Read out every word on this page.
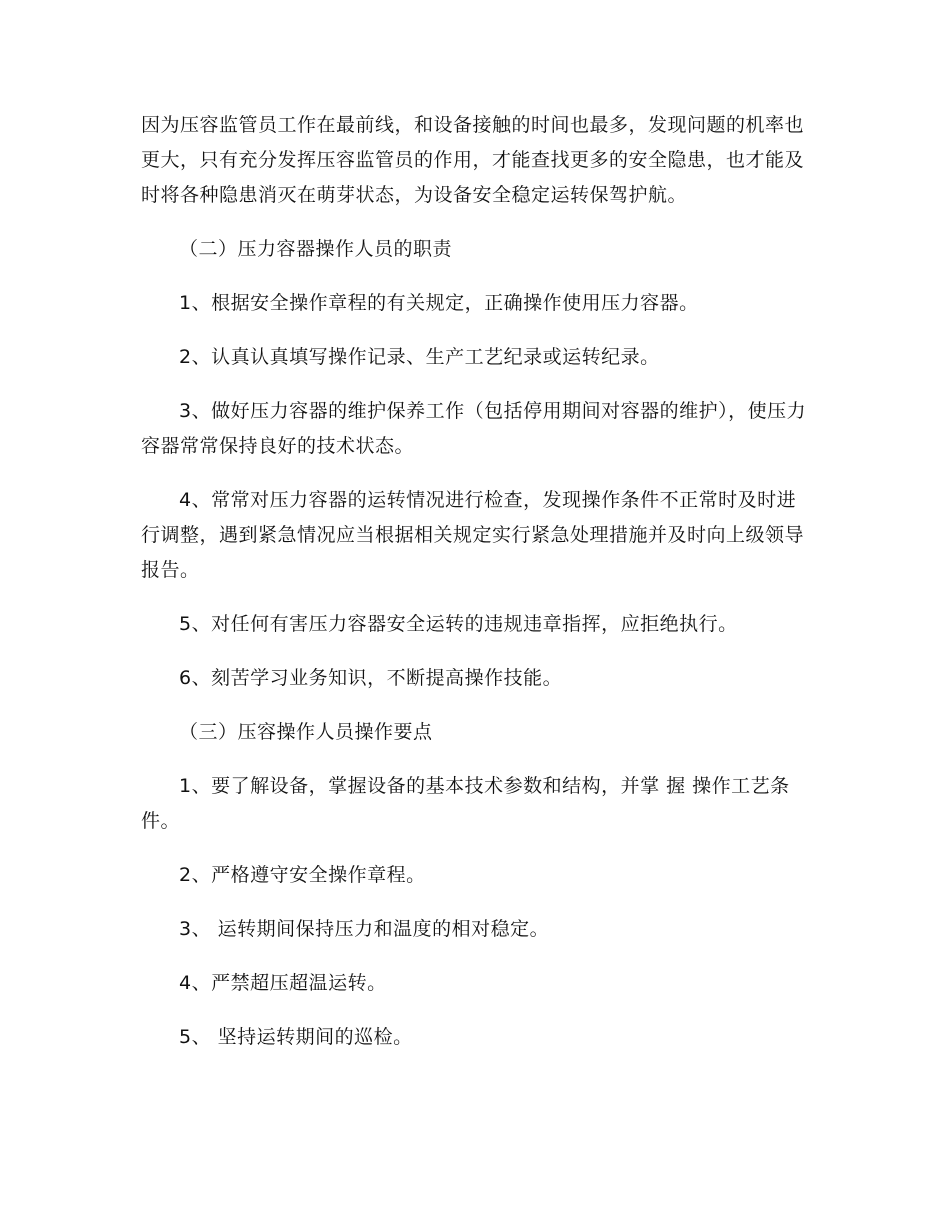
因为压容监管员工作在最前线，和设备接触的时间也最多，发现问题的机率也更大，只有充分发挥压容监管员的作用，才能查找更多的安全隐患，也才能及时将各种隐患消灭在萌芽状态，为设备安全稳定运转保驾护航。

（二）压力容器操作人员的职责

1、根据安全操作章程的有关规定，正确操作使用压力容器。

2、认真认真填写操作记录、生产工艺纪录或运转纪录。

3、做好压力容器的维护保养工作（包括停用期间对容器的维护），使压力容器常常保持良好的技术状态。

4、常常对压力容器的运转情况进行检查，发现操作条件不正常时及时进行调整，遇到紧急情况应当根据相关规定实行紧急处理措施并及时向上级领导报告。

5、对任何有害压力容器安全运转的违规违章指挥，应拒绝执行。

6、刻苦学习业务知识，不断提高操作技能。

（三）压容操作人员操作要点

1、要了解设备，掌握设备的基本技术参数和结构，并掌 握 操作工艺条件。

2、严格遵守安全操作章程。

3、 运转期间保持压力和温度的相对稳定。

4、严禁超压超温运转。

5、 坚持运转期间的巡检。
